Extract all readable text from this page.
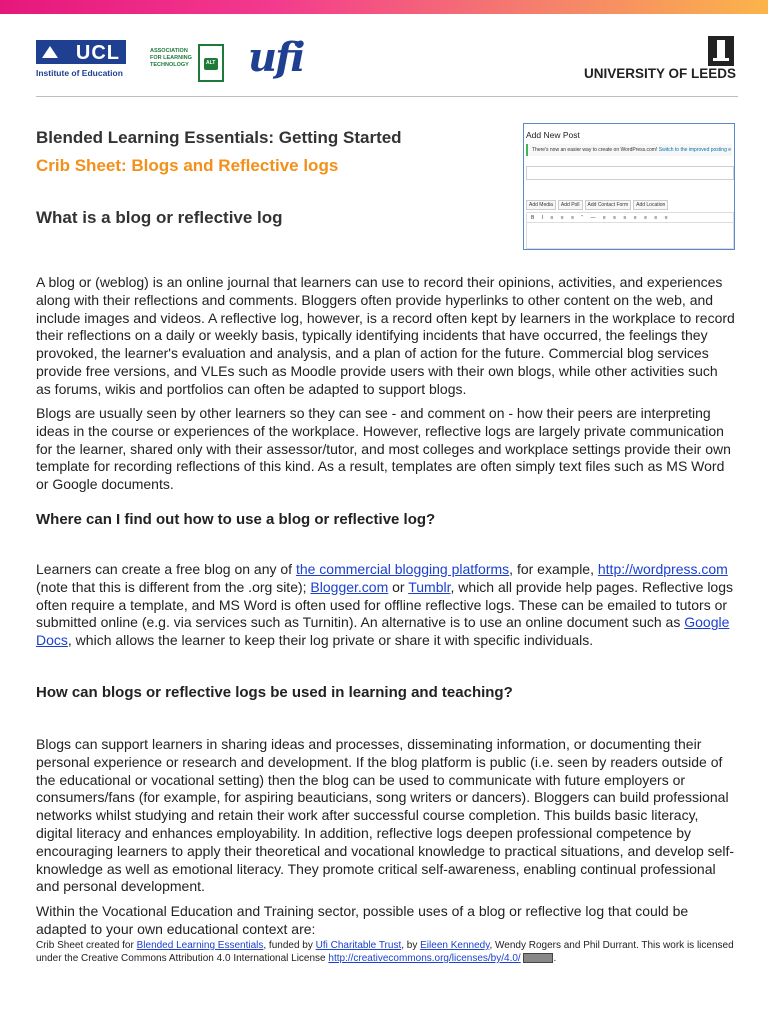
UCL
Institute of Education
ASSOCIATION
FOR LEARNING
TECHNOLOGY	ALT ufi	UNIVERSITY OF LEEDS
Blended Learning Essentials: Getting Started
Crib Sheet: Blogs and Reflective logs
What is a blog or reflective log
Add New Post
There's now an easier way to create on WordPress.com! Switch to the improved posting e
Add Media Add Poll Add Contact Form Add Location
B I ≡ ≡ ≡ “ — ≡ ≡ ≡ ≡ ≡ ≡ ≡

A blog or (weblog) is an online journal that learners can use to record their opinions, activities, and experiences along with their reflections and comments. Bloggers often provide hyperlinks to other content on the web, and include images and videos. A reflective log, however, is a record often kept by learners in the workplace to record their reflections on a daily or weekly basis, typically identifying incidents that have occurred, the feelings they provoked, the learner's evaluation and analysis, and a plan of action for the future. Commercial blog services provide free versions, and VLEs such as Moodle provide users with their own blogs, while other activities such as forums, wikis and portfolios can often be adapted to support blogs.

Blogs are usually seen by other learners so they can see - and comment on - how their peers are interpreting ideas in the course or experiences of the workplace. However, reflective logs are largely private communication for the learner, shared only with their assessor/tutor, and most colleges and workplace settings provide their own template for recording reflections of this kind. As a result, templates are often simply text files such as MS Word or Google documents.

Where can I find out how to use a blog or reflective log?

Learners can create a free blog on any of the commercial blogging platforms, for example, http://wordpress.com (note that this is different from the .org site); Blogger.com or Tumblr, which all provide help pages. Reflective logs often require a template, and MS Word is often used for offline reflective logs. These can be emailed to tutors or submitted online (e.g. via services such as Turnitin). An alternative is to use an online document such as Google Docs, which allows the learner to keep their log private or share it with specific individuals.

How can blogs or reflective logs be used in learning and teaching?

Blogs can support learners in sharing ideas and processes, disseminating information, or documenting their personal experience or research and development. If the blog platform is public (i.e. seen by readers outside of the educational or vocational setting) then the blog can be used to communicate with future employers or consumers/fans (for example, for aspiring beauticians, song writers or dancers). Bloggers can build professional networks whilst studying and retain their work after successful course completion. This builds basic literacy, digital literacy and enhances employability. In addition, reflective logs deepen professional competence by encouraging learners to apply their theoretical and vocational knowledge to practical situations, and develop self-knowledge as well as emotional literacy. They promote critical self-awareness, enabling continual professional and personal development.

Within the Vocational Education and Training sector, possible uses of a blog or reflective log that could be adapted to your own educational context are:

Crib Sheet created for Blended Learning Essentials, funded by Ufi Charitable Trust, by Eileen Kennedy, Wendy Rogers and Phil Durrant. This work is licensed under the Creative Commons Attribution 4.0 International License http://creativecommons.org/licenses/by/4.0/	.
